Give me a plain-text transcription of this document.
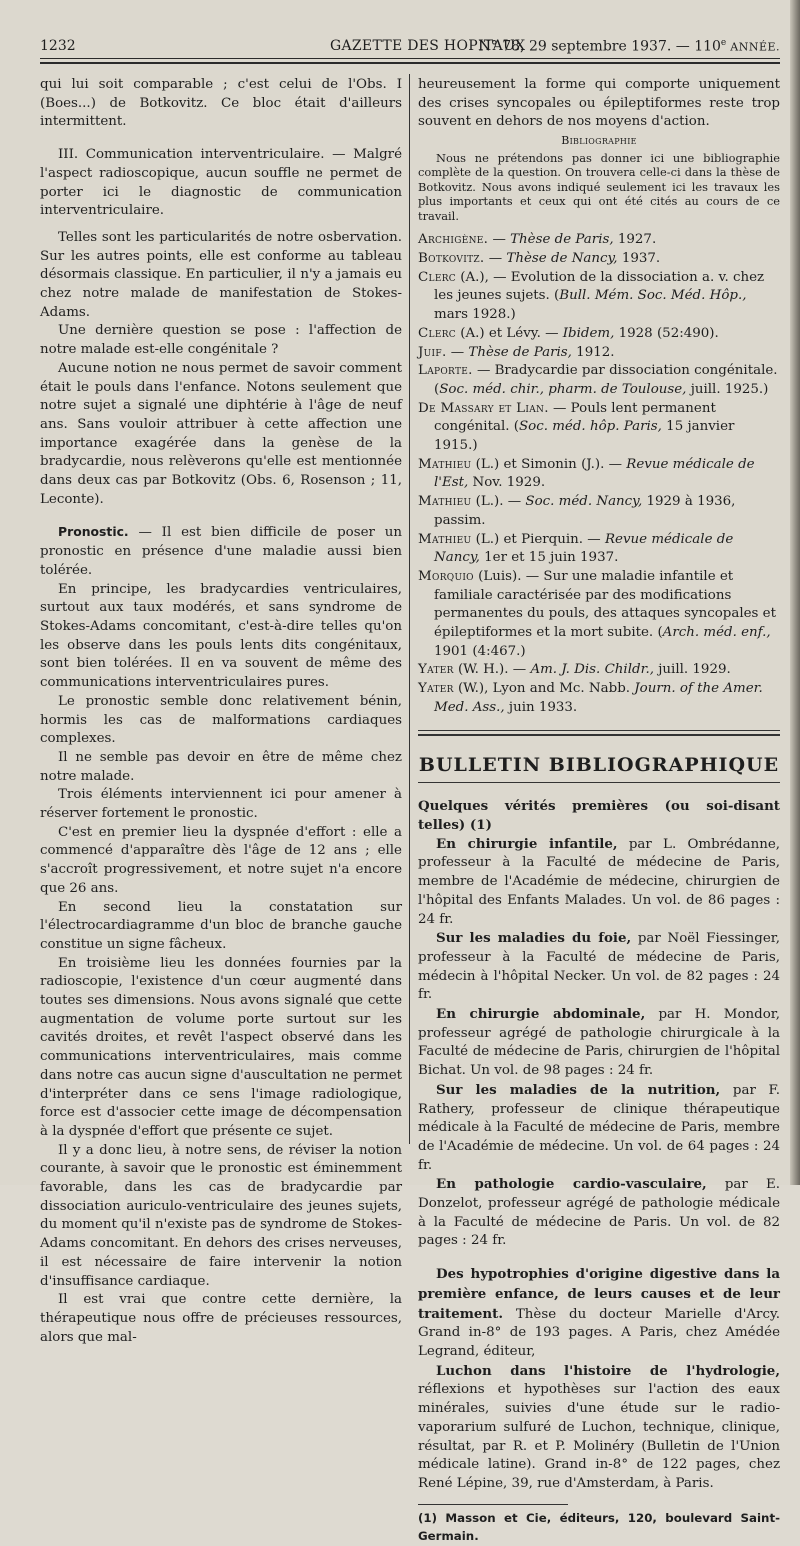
1232	GAZETTE DES HOPITAUX
N° 78, 29 septembre 1937. — 110e ANNÉE.

qui lui soit comparable ; c'est celui de l'Obs. I (Boes...) de Botkovitz. Ce bloc était d'ailleurs intermittent.

III. Communication interventriculaire. — Malgré l'aspect radioscopique, aucun souffle ne permet de porter ici le diagnostic de communication interventriculaire.

Telles sont les particularités de notre osbervation. Sur les autres points, elle est conforme au tableau désormais classique. En particulier, il n'y a jamais eu chez notre malade de manifestation de Stokes-Adams.

Une dernière question se pose : l'affection de notre malade est-elle congénitale ?

Aucune notion ne nous permet de savoir comment était le pouls dans l'enfance. Notons seulement que notre sujet a signalé une diphtérie à l'âge de neuf ans. Sans vouloir attribuer à cette affection une importance exagérée dans la genèse de la bradycardie, nous relèverons qu'elle est mentionnée dans deux cas par Botkovitz (Obs. 6, Rosenson ; 11, Leconte).

Pronostic. — Il est bien difficile de poser un pronostic en présence d'une maladie aussi bien tolérée.

En principe, les bradycardies ventriculaires, surtout aux taux modérés, et sans syndrome de Stokes-Adams concomitant, c'est-à-dire telles qu'on les observe dans les pouls lents dits congénitaux, sont bien tolérées. Il en va souvent de même des communications interventriculaires pures.

Le pronostic semble donc relativement bénin, hormis les cas de malformations cardiaques complexes.

Il ne semble pas devoir en être de même chez notre malade.

Trois éléments interviennent ici pour amener à réserver fortement le pronostic.

C'est en premier lieu la dyspnée d'effort : elle a commencé d'apparaître dès l'âge de 12 ans ; elle s'accroît progressivement, et notre sujet n'a encore que 26 ans.

En second lieu la constatation sur l'électrocardiagramme d'un bloc de branche gauche constitue un signe fâcheux.

En troisième lieu les données fournies par la radioscopie, l'existence d'un cœur augmenté dans toutes ses dimensions. Nous avons signalé que cette augmentation de volume porte surtout sur les cavités droites, et revêt l'aspect observé dans les communications interventriculaires, mais comme dans notre cas aucun signe d'auscultation ne permet d'interpréter dans ce sens l'image radiologique, force est d'associer cette image de décompensation à la dyspnée d'effort que présente ce sujet.

Il y a donc lieu, à notre sens, de réviser la notion courante, à savoir que le pronostic est éminemment favorable, dans les cas de bradycardie par dissociation auriculo-ventriculaire des jeunes sujets, du moment qu'il n'existe pas de syndrome de Stokes-Adams concomitant. En dehors des crises nerveuses, il est nécessaire de faire intervenir la notion d'insuffisance cardiaque.

Il est vrai que contre cette dernière, la thérapeutique nous offre de précieuses ressources, alors que mal-

heureusement la forme qui comporte uniquement des crises syncopales ou épileptiformes reste trop souvent en dehors de nos moyens d'action.

Bibliographie

Nous ne prétendons pas donner ici une bibliographie complète de la question. On trouvera celle-ci dans la thèse de Botkovitz. Nous avons indiqué seulement ici les travaux les plus importants et ceux qui ont été cités au cours de ce travail.

Archigène. — Thèse de Paris, 1927.

Botkovitz. — Thèse de Nancy, 1937.

Clerc (A.), — Evolution de la dissociation a. v. chez les jeunes sujets. (Bull. Mém. Soc. Méd. Hôp., mars 1928.)

Clerc (A.) et Lévy. — Ibidem, 1928 (52:490).

Juif. — Thèse de Paris, 1912.

Laporte. — Bradycardie par dissociation congénitale. (Soc. méd. chir., pharm. de Toulouse, juill. 1925.)

De Massary et Lian. — Pouls lent permanent congénital. (Soc. méd. hôp. Paris, 15 janvier 1915.)

Mathieu (L.) et Simonin (J.). — Revue médicale de l'Est, Nov. 1929.

Mathieu (L.). — Soc. méd. Nancy, 1929 à 1936, passim.

Mathieu (L.) et Pierquin. — Revue médicale de Nancy, 1er et 15 juin 1937.

Morquio (Luis). — Sur une maladie infantile et familiale caractérisée par des modifications permanentes du pouls, des attaques syncopales et épileptiformes et la mort subite. (Arch. méd. enf., 1901 (4:467.)

Yater (W. H.). — Am. J. Dis. Childr., juill. 1929.

Yater (W.), Lyon and Mc. Nabb. Journ. of the Amer. Med. Ass., juin 1933.

BULLETIN BIBLIOGRAPHIQUE

Quelques vérités premières (ou soi-disant telles) (1)

En chirurgie infantile, par L. Ombrédanne, professeur à la Faculté de médecine de Paris, membre de l'Académie de médecine, chirurgien de l'hôpital des Enfants Malades. Un vol. de 86 pages : 24 fr.

Sur les maladies du foie, par Noël Fiessinger, professeur à la Faculté de médecine de Paris, médecin à l'hôpital Necker. Un vol. de 82 pages : 24 fr.

En chirurgie abdominale, par H. Mondor, professeur agrégé de pathologie chirurgicale à la Faculté de médecine de Paris, chirurgien de l'hôpital Bichat. Un vol. de 98 pages : 24 fr.

Sur les maladies de la nutrition, par F. Rathery, professeur de clinique thérapeutique médicale à la Faculté de médecine de Paris, membre de l'Académie de médecine. Un vol. de 64 pages : 24 fr.

En pathologie cardio-vasculaire, par E. Donzelot, professeur agrégé de pathologie médicale à la Faculté de médecine de Paris. Un vol. de 82 pages : 24 fr.

Des hypotrophies d'origine digestive dans la première enfance, de leurs causes et de leur traitement. Thèse du docteur Marielle d'Arcy. Grand in-8° de 193 pages. A Paris, chez Amédée Legrand, éditeur,

Luchon dans l'histoire de l'hydrologie, réflexions et hypothèses sur l'action des eaux minérales, suivies d'une étude sur le radio-vaporarium sulfuré de Luchon, technique, clinique, résultat, par R. et P. Molinéry (Bulletin de l'Union médicale latine). Grand in-8° de 122 pages, chez René Lépine, 39, rue d'Amsterdam, à Paris.

(1) Masson et Cie, éditeurs, 120, boulevard Saint-Germain.
